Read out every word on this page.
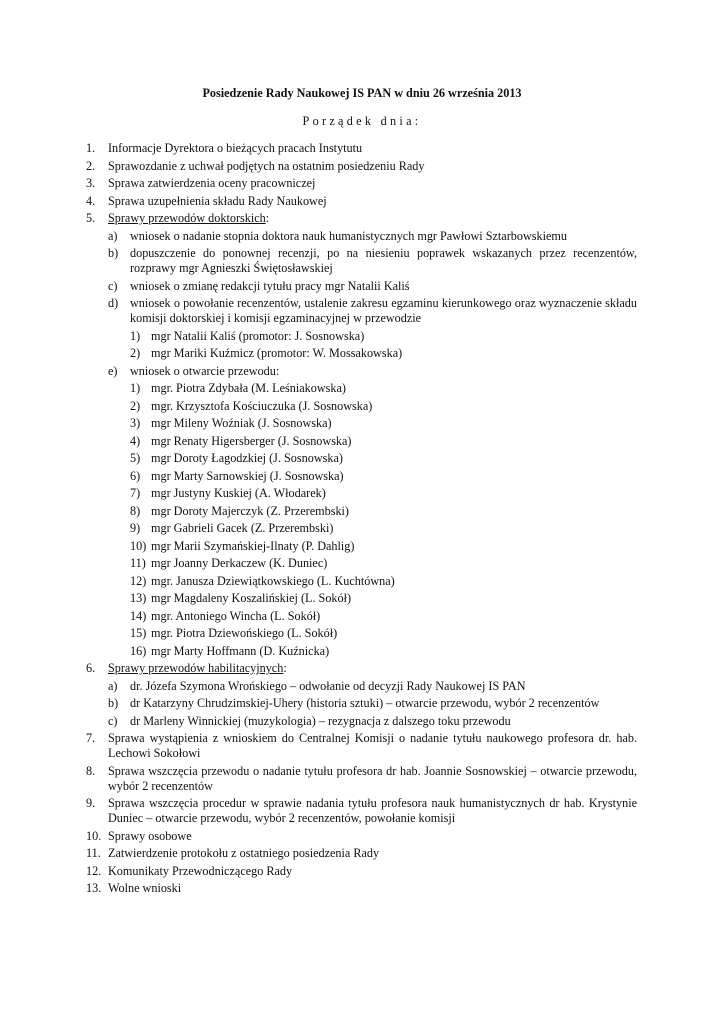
Posiedzenie Rady Naukowej IS PAN w dniu 26 września 2013
Porządek dnia:
1. Informacje Dyrektora o bieżących pracach Instytutu
2. Sprawozdanie z uchwał podjętych na ostatnim posiedzeniu Rady
3. Sprawa zatwierdzenia oceny pracowniczej
4. Sprawa uzupełnienia składu Rady Naukowej
5. Sprawy przewodów doktorskich:
a) wniosek o nadanie stopnia doktora nauk humanistycznych mgr Pawłowi Sztarbowskiemu
b) dopuszczenie do ponownej recenzji, po na niesieniu poprawek wskazanych przez recenzentów, rozprawy mgr Agnieszki Świętosławskiej
c) wniosek o zmianę redakcji tytułu pracy mgr Natalii Kaliś
d) wniosek o powołanie recenzentów, ustalenie zakresu egzaminu kierunkowego oraz wyznaczenie składu komisji doktorskiej i komisji egzaminacyjnej w przewodzie
1) mgr Natalii Kaliś (promotor: J. Sosnowska)
2) mgr Mariki Kuźmicz (promotor: W. Mossakowska)
e) wniosek o otwarcie przewodu:
1) mgr. Piotra Zdybała (M. Leśniakowska)
2) mgr. Krzysztofa Kościuczuka (J. Sosnowska)
3) mgr Mileny Woźniak (J. Sosnowska)
4) mgr Renaty Higersberger (J. Sosnowska)
5) mgr Doroty Łagodzkiej (J. Sosnowska)
6) mgr Marty Sarnowskiej (J. Sosnowska)
7) mgr Justyny Kuskiej (A. Włodarek)
8) mgr Doroty Majerczyk (Z. Przerembski)
9) mgr Gabrieli Gacek (Z. Przerembski)
10) mgr Marii Szymańskiej-Ilnaty (P. Dahlig)
11) mgr Joanny Derkaczew (K. Duniec)
12) mgr. Janusza Dziewiątkowskiego (L. Kuchtówna)
13) mgr Magdaleny Koszalińskiej (L. Sokół)
14) mgr. Antoniego Wincha (L. Sokół)
15) mgr. Piotra Dziewońskiego (L. Sokół)
16) mgr Marty Hoffmann (D. Kuźnicka)
6. Sprawy przewodów habilitacyjnych:
a) dr. Józefa Szymona Wrońskiego – odwołanie od decyzji Rady Naukowej IS PAN
b) dr Katarzyny Chrudzimskiej-Uhery (historia sztuki) – otwarcie przewodu, wybór 2 recenzentów
c) dr Marleny Winnickiej (muzykologia) – rezygnacja z dalszego toku przewodu
7. Sprawa wystąpienia z wnioskiem do Centralnej Komisji o nadanie tytułu naukowego profesora dr. hab. Lechowi Sokołowi
8. Sprawa wszczęcia przewodu o nadanie tytułu profesora dr hab. Joannie Sosnowskiej – otwarcie przewodu, wybór 2 recenzentów
9. Sprawa wszczęcia procedur w sprawie nadania tytułu profesora nauk humanistycznych dr hab. Krystynie Duniec – otwarcie przewodu, wybór 2 recenzentów, powołanie komisji
10. Sprawy osobowe
11. Zatwierdzenie protokołu z ostatniego posiedzenia Rady
12. Komunikaty Przewodniczącego Rady
13. Wolne wnioski
